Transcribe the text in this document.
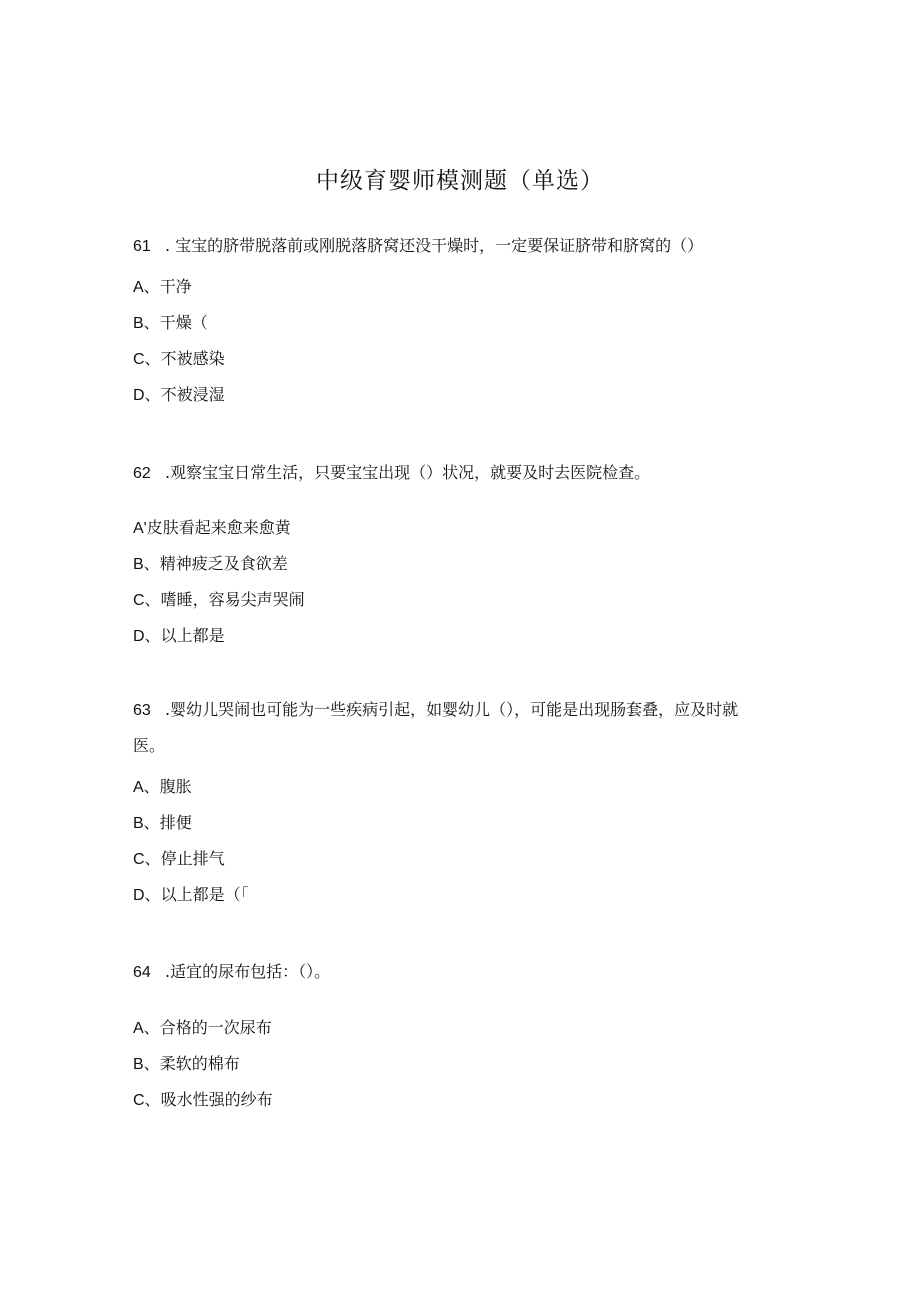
中级育婴师模测题（单选）
61 . 宝宝的脐带脱落前或刚脱落脐窝还没干燥时，一定要保证脐带和脐窝的（）
A、干净
B、干燥（
C、不被感染
D、不被浸湿
62 .观察宝宝日常生活，只要宝宝出现（）状况，就要及时去医院检查。
A'皮肤看起来愈来愈黄
B、精神疲乏及食欲差
C、嗜睡，容易尖声哭闹
D、以上都是
63 .婴幼儿哭闹也可能为一些疾病引起，如婴幼儿（），可能是出现肠套叠，应及时就
医。
A、腹胀
B、排便
C、停止排气
D、以上都是（「
64 .适宜的尿布包括：（）。
A、合格的一次尿布
B、柔软的棉布
C、吸水性强的纱布
